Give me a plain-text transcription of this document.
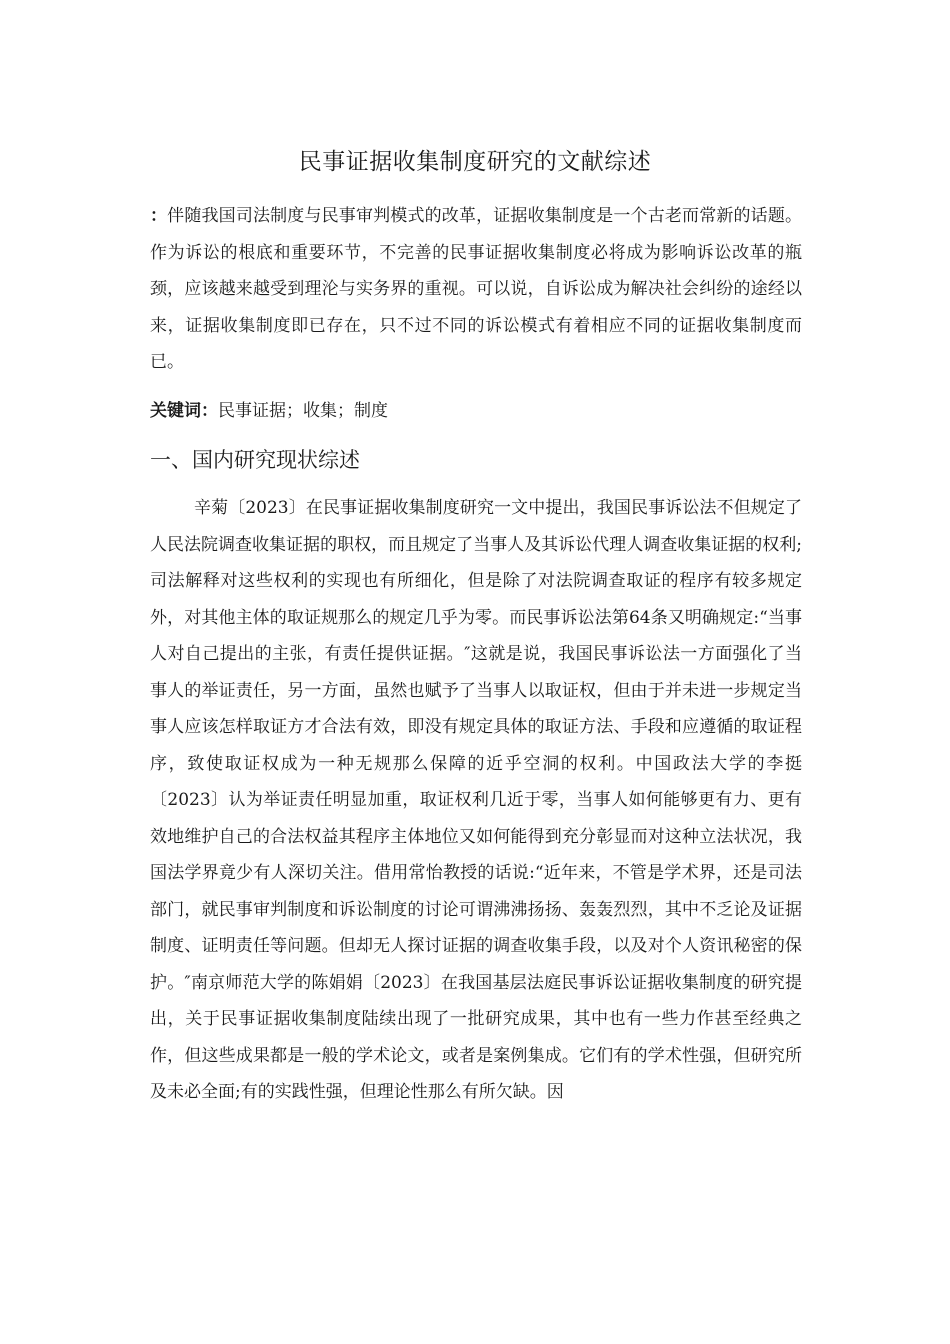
民事证据收集制度研究的文献综述

：伴随我国司法制度与民事审判模式的改革，证据收集制度是一个古老而常新的话题。作为诉讼的根底和重要环节，不完善的民事证据收集制度必将成为影响诉讼改革的瓶颈，应该越来越受到理沦与实务界的重视。可以说，自诉讼成为解决社会纠纷的途经以来，证据收集制度即已存在，只不过不同的诉讼模式有着相应不同的证据收集制度而已。

关键词：民事证据；收集；制度
一、国内研究现状综述

辛菊〔2023〕在民事证据收集制度研究一文中提出，我国民事诉讼法不但规定了人民法院调查收集证据的职权，而且规定了当事人及其诉讼代理人调查收集证据的权利;司法解释对这些权利的实现也有所细化，但是除了对法院调查取证的程序有较多规定外，对其他主体的取证规那么的规定几乎为零。而民事诉讼法第64条又明确规定:“当事人对自己提出的主张，有责任提供证据。″这就是说，我国民事诉讼法一方面强化了当事人的举证责任，另一方面，虽然也赋予了当事人以取证权，但由于并未进一步规定当事人应该怎样取证方才合法有效，即没有规定具体的取证方法、手段和应遵循的取证程序，致使取证权成为一种无规那么保障的近乎空洞的权利。中国政法大学的李挺〔2023〕认为举证责任明显加重，取证权利几近于零，当事人如何能够更有力、更有效地维护自己的合法权益其程序主体地位又如何能得到充分彰显而对这种立法状况，我国法学界竟少有人深切关注。借用常怡教授的话说:“近年来，不管是学术界，还是司法部门，就民事审判制度和诉讼制度的讨论可谓沸沸扬扬、轰轰烈烈，其中不乏论及证据制度、证明责任等问题。但却无人探讨证据的调查收集手段，以及对个人资讯秘密的保护。″南京师范大学的陈娟娟〔2023〕在我国基层法庭民事诉讼证据收集制度的研究提出，关于民事证据收集制度陆续出现了一批研究成果，其中也有一些力作甚至经典之作，但这些成果都是一般的学术论文，或者是案例集成。它们有的学术性强，但研究所及未必全面;有的实践性强，但理论性那么有所欠缺。因
